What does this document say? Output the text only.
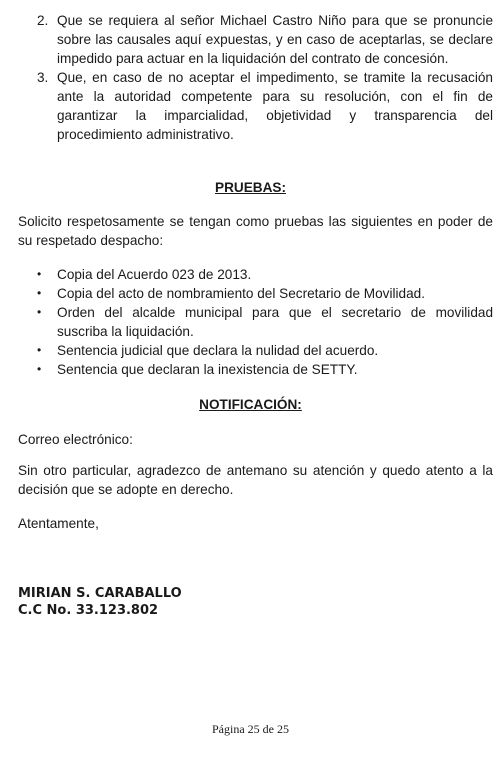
2. Que se requiera al señor Michael Castro Niño para que se pronuncie sobre las causales aquí expuestas, y en caso de aceptarlas, se declare impedido para actuar en la liquidación del contrato de concesión.
3. Que, en caso de no aceptar el impedimento, se tramite la recusación ante la autoridad competente para su resolución, con el fin de garantizar la imparcialidad, objetividad y transparencia del procedimiento administrativo.
PRUEBAS:

Solicito respetosamente se tengan como pruebas las siguientes en poder de su respetado despacho:

• Copia del Acuerdo 023 de 2013.
• Copia del acto de nombramiento del Secretario de Movilidad.
• Orden del alcalde municipal para que el secretario de movilidad suscriba la liquidación.
• Sentencia judicial que declara la nulidad del acuerdo.
• Sentencia que declaran la inexistencia de SETTY.
NOTIFICACIÓN:

Correo electrónico:

Sin otro particular, agradezco de antemano su atención y quedo atento a la decisión que se adopte en derecho.

Atentamente,

MIRIAN S. CARABALLO
C.C No. 33.123.802
Página 25 de 25
